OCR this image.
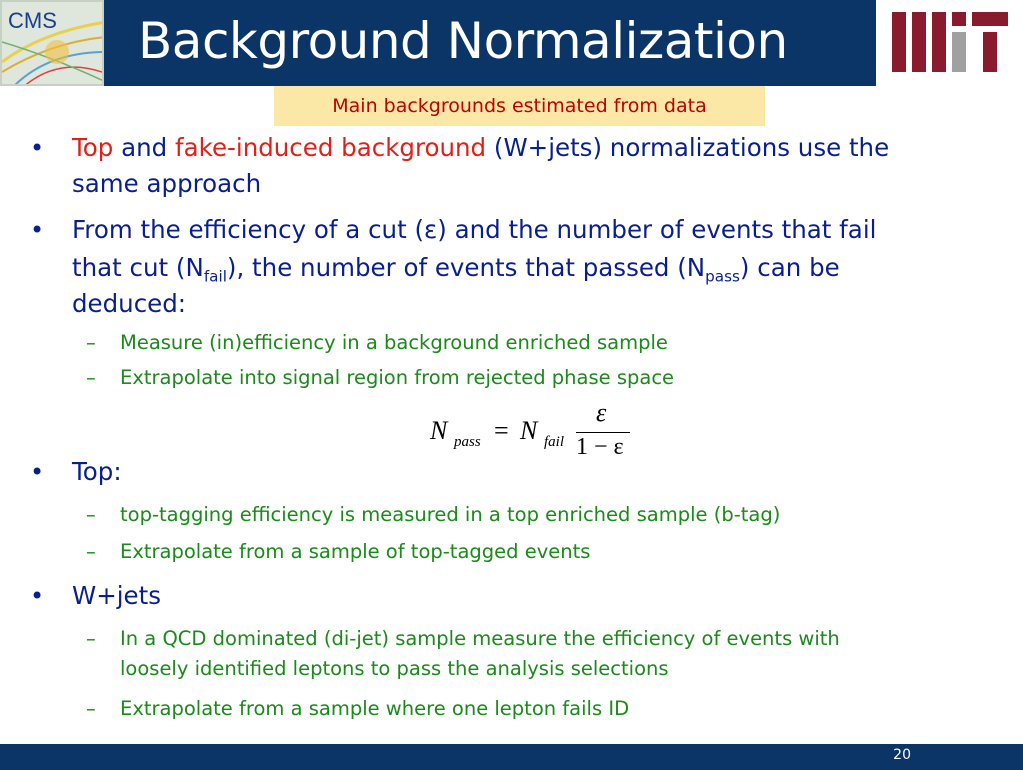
CMS Background Normalization
Main backgrounds estimated from data
• Top and fake-induced background (W+jets) normalizations use the
same approach
• From the efficiency of a cut (ε) and the number of events that fail
that cut $(N_{fail})$, the number of events that passed $(N_{pass})$ can be
deduced:
– Measure (in)efficiency in a background enriched sample
– Extrapolate into signal region from rejected phase space
N pass = N fail
ε
1 − ε
• Top:
– top-tagging efficiency is measured in a top enriched sample (b-tag)
– Extrapolate from a sample of top-tagged events
• W+jets
– In a QCD dominated (di-jet) sample measure the efficiency of events with
loosely identified leptons to pass the analysis selections
– Extrapolate from a sample where one lepton fails ID
20
